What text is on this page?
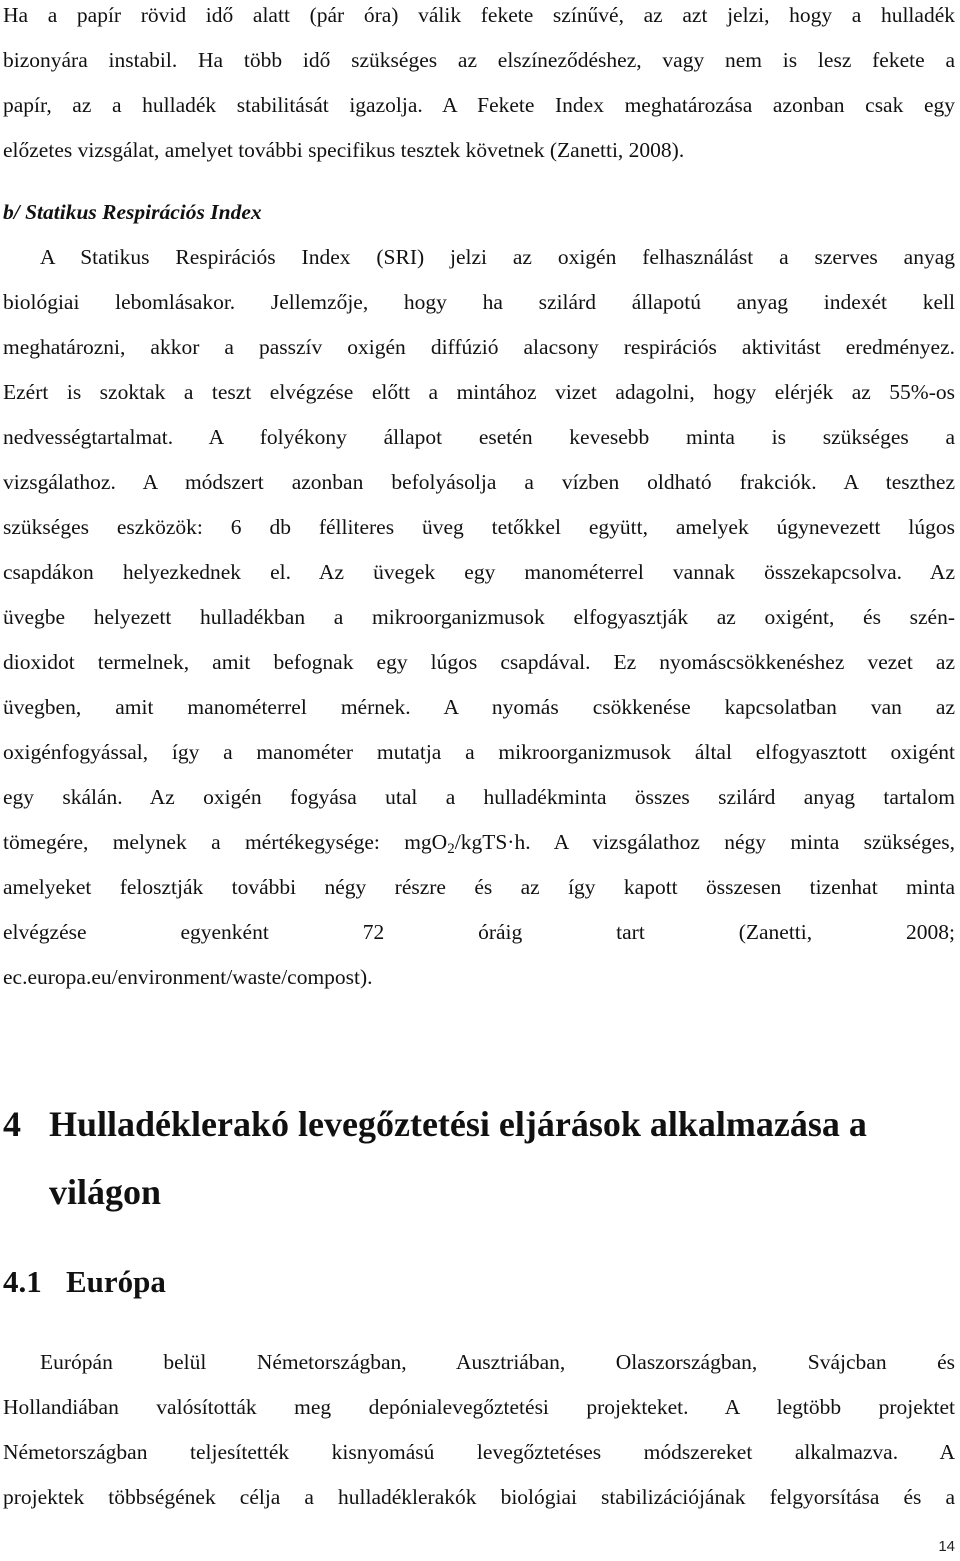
Ha a papír rövid idő alatt (pár óra) válik fekete színűvé, az azt jelzi, hogy a hulladék
bizonyára instabil. Ha több idő szükséges az elszíneződéshez, vagy nem is lesz fekete a
papír, az a hulladék stabilitását igazolja. A Fekete Index meghatározása azonban csak egy
előzetes vizsgálat, amelyet további specifikus tesztek követnek (Zanetti, 2008).
b/ Statikus Respirációs Index
A Statikus Respirációs Index (SRI) jelzi az oxigén felhasználást a szerves anyag
biológiai lebomlásakor. Jellemzője, hogy ha szilárd állapotú anyag indexét kell
meghatározni, akkor a passzív oxigén diffúzió alacsony respirációs aktivitást eredményez.
Ezért is szoktak a teszt elvégzése előtt a mintához vizet adagolni, hogy elérjék az 55%-os
nedvességtartalmat. A folyékony állapot esetén kevesebb minta is szükséges a
vizsgálathoz. A módszert azonban befolyásolja a vízben oldható frakciók. A teszthez
szükséges eszközök: 6 db félliteres üveg tetőkkel együtt, amelyek úgynevezett lúgos
csapdákon helyezkednek el. Az üvegek egy manométerrel vannak összekapcsolva. Az
üvegbe helyezett hulladékban a mikroorganizmusok elfogyasztják az oxigént, és szén-
dioxidot termelnek, amit befognak egy lúgos csapdával. Ez nyomáscsökkenéshez vezet az
üvegben, amit manométerrel mérnek. A nyomás csökkenése kapcsolatban van az
oxigénfogyással, így a manométer mutatja a mikroorganizmusok által elfogyasztott oxigént
egy skálán. Az oxigén fogyása utal a hulladékminta összes szilárd anyag tartalom
tömegére, melynek a mértékegysége: mgO$_2$/kgTS·h. A vizsgálathoz négy minta szükséges,
amelyeket felosztják további négy részre és az így kapott összesen tizenhat minta
elvégzése egyenként 72 óráig tart (Zanetti, 2008;
ec.europa.eu/environment/waste/compost).
4 Hulladéklerakó levegőztetési eljárások alkalmazása a
világon
4.1 Európa
Európán belül Németországban, Ausztriában, Olaszországban, Svájcban és
Hollandiában valósították meg depónialevegőztetési projekteket. A legtöbb projektet
Németországban teljesítették kisnyomású levegőztetéses módszereket alkalmazva. A
projektek többségének célja a hulladéklerakók biológiai stabilizációjának felgyorsítása és a
14
